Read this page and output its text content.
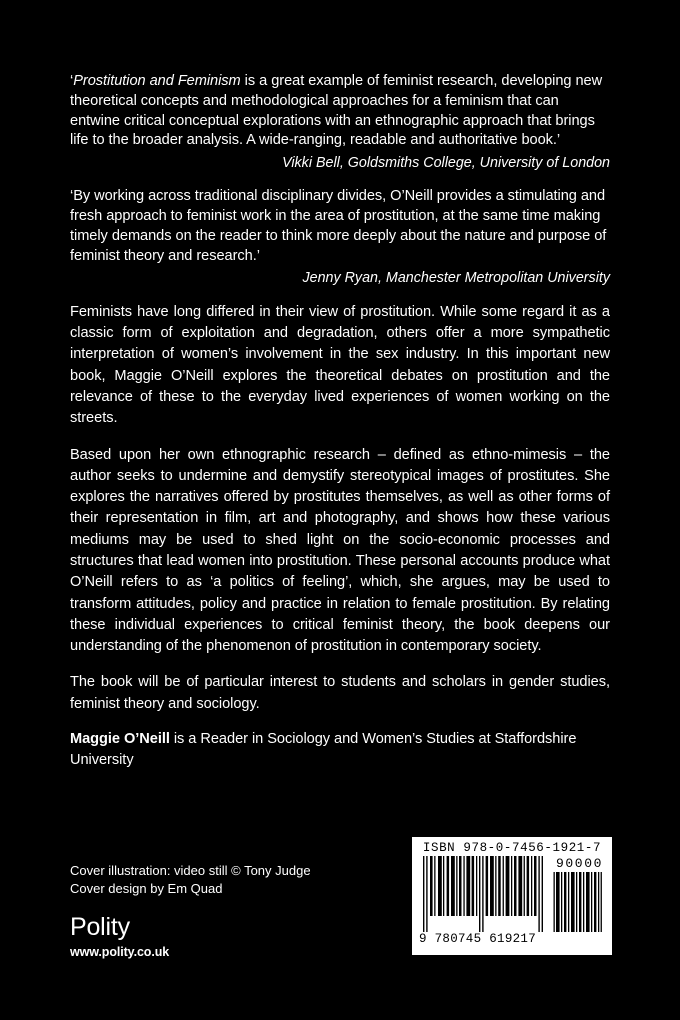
‘Prostitution and Feminism is a great example of feminist research, developing new theoretical concepts and methodological approaches for a feminism that can entwine critical conceptual explorations with an ethnographic approach that brings life to the broader analysis. A wide-ranging, readable and authoritative book.’

Vikki Bell, Goldsmiths College, University of London

‘By working across traditional disciplinary divides, O’Neill provides a stimulating and fresh approach to feminist work in the area of prostitution, at the same time making timely demands on the reader to think more deeply about the nature and purpose of feminist theory and research.’

Jenny Ryan, Manchester Metropolitan University

Feminists have long differed in their view of prostitution. While some regard it as a classic form of exploitation and degradation, others offer a more sympathetic interpretation of women’s involvement in the sex industry. In this important new book, Maggie O’Neill explores the theoretical debates on prostitution and the relevance of these to the everyday lived experiences of women working on the streets.

Based upon her own ethnographic research – defined as ethno-mimesis – the author seeks to undermine and demystify stereotypical images of prostitutes. She explores the narratives offered by prostitutes themselves, as well as other forms of their representation in film, art and photography, and shows how these various mediums may be used to shed light on the socio-economic processes and structures that lead women into prostitution. These personal accounts produce what O’Neill refers to as ‘a politics of feeling’, which, she argues, may be used to transform attitudes, policy and practice in relation to female prostitution. By relating these individual experiences to critical feminist theory, the book deepens our understanding of the phenomenon of prostitution in contemporary society.

The book will be of particular interest to students and scholars in gender studies, feminist theory and sociology.

Maggie O’Neill is a Reader in Sociology and Women’s Studies at Staffordshire University

Cover illustration: video still © Tony Judge
Cover design by Em Quad
Polity
www.polity.co.uk
ISBN 978-0-7456-1921-7
90000
9 780745 619217
